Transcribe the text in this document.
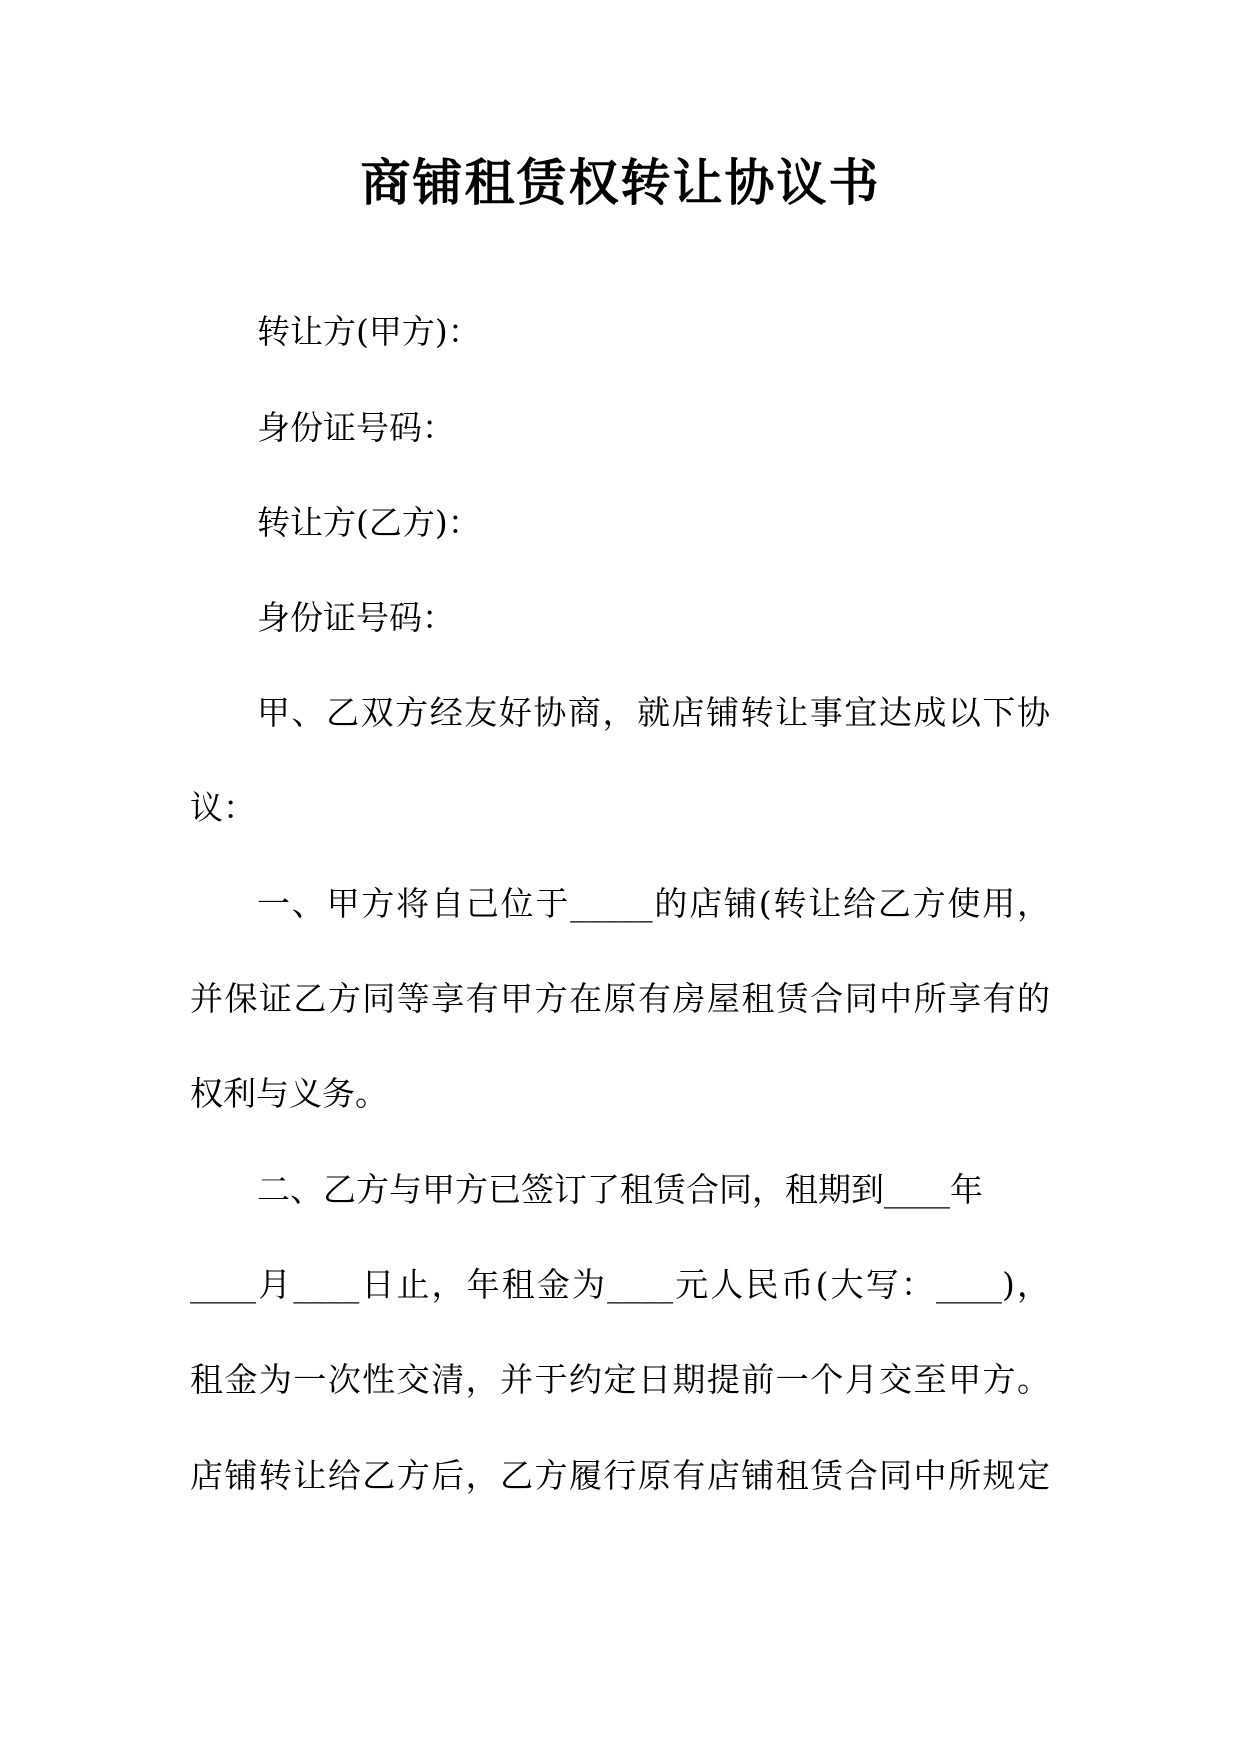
商铺租赁权转让协议书

转让方(甲方)：

身份证号码：

转让方(乙方)：

身份证号码：

甲、乙双方经友好协商，就店铺转让事宜达成以下协

议：

一、甲方将自己位于_____的店铺(转让给乙方使用，

并保证乙方同等享有甲方在原有房屋租赁合同中所享有的

权利与义务。

二、乙方与甲方已签订了租赁合同，租期到____年

____月____日止，年租金为____元人民币(大写：____)，

租金为一次性交清，并于约定日期提前一个月交至甲方。

店铺转让给乙方后，乙方履行原有店铺租赁合同中所规定
